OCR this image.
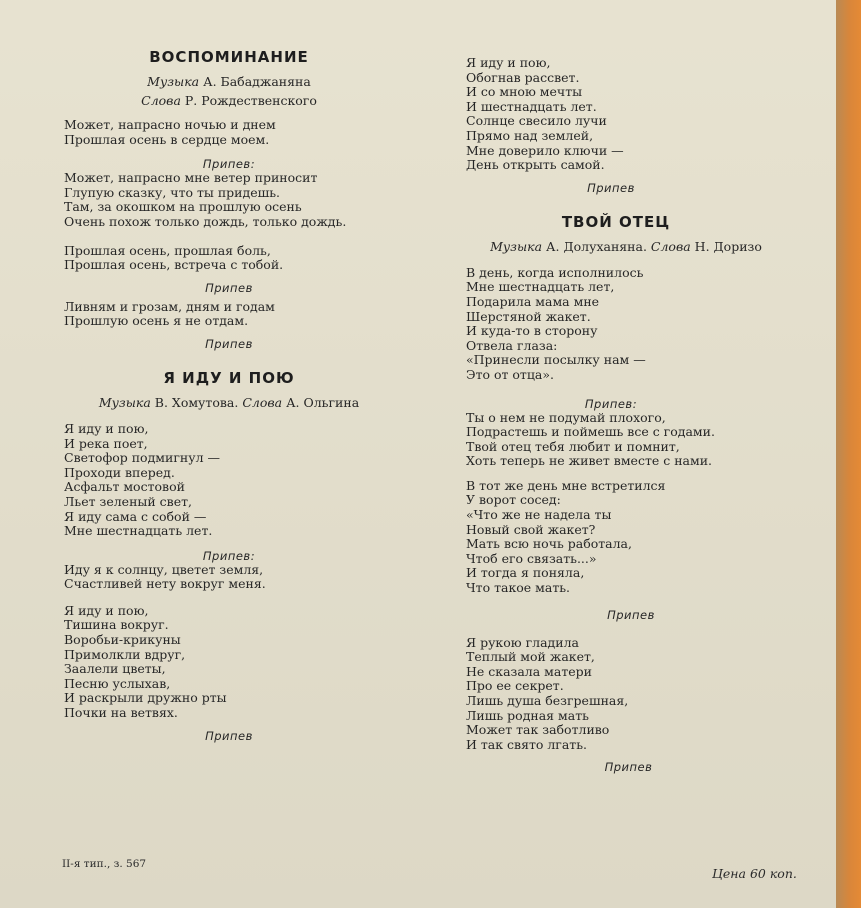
ВОСПОМИНАНИЕ
Музыка А. Бабаджаняна
Слова Р. Рождественского
Может, напрасно ночью и днем
Прошлая осень в сердце моем.
Припев:
Может, напрасно мне ветер приносит
Глупую сказку, что ты придешь.
Там, за окошком на прошлую осень
Очень похож только дождь, только дождь.
Прошлая осень, прошлая боль,
Прошлая осень, встреча с тобой.
Припев
Ливням и грозам, дням и годам
Прошлую осень я не отдам.
Припев
Я ИДУ И ПОЮ
Музыка В. Хомутова. Слова А. Ольгина
Я иду и пою,
И река поет,
Светофор подмигнул —
Проходи вперед.
Асфальт мостовой
Льет зеленый свет,
Я иду сама с собой —
Мне шестнадцать лет.
Припев:
Иду я к солнцу, цветет земля,
Счастливей нету вокруг меня.
Я иду и пою,
Тишина вокруг.
Воробьи-крикуны
Примолкли вдруг,
Заалели цветы,
Песню услыхав,
И раскрыли дружно рты
Почки на ветвях.
Припев
Я иду и пою,
Обогнав рассвет.
И со мною мечты
И шестнадцать лет.
Солнце свесило лучи
Прямо над землей,
Мне доверило ключи —
День открыть самой.
Припев
ТВОЙ ОТЕЦ
Музыка А. Долуханяна. Слова Н. Доризо
В день, когда исполнилось
Мне шестнадцать лет,
Подарила мама мне
Шерстяной жакет.
И куда-то в сторону
Отвела глаза:
«Принесли посылку нам —
Это от отца».
Припев:
Ты о нем не подумай плохого,
Подрастешь и поймешь все с годами.
Твой отец тебя любит и помнит,
Хоть теперь не живет вместе с нами.
В тот же день мне встретился
У ворот сосед:
«Что же не надела ты
Новый свой жакет?
Мать всю ночь работала,
Чтоб его связать...»
И тогда я поняла,
Что такое мать.
Припев
Я рукою гладила
Теплый мой жакет,
Не сказала матери
Про ее секрет.
Лишь душа безгрешная,
Лишь родная мать
Может так заботливо
И так свято лгать.
Припев
II-я тип., з. 567
Цена 60 коп.
